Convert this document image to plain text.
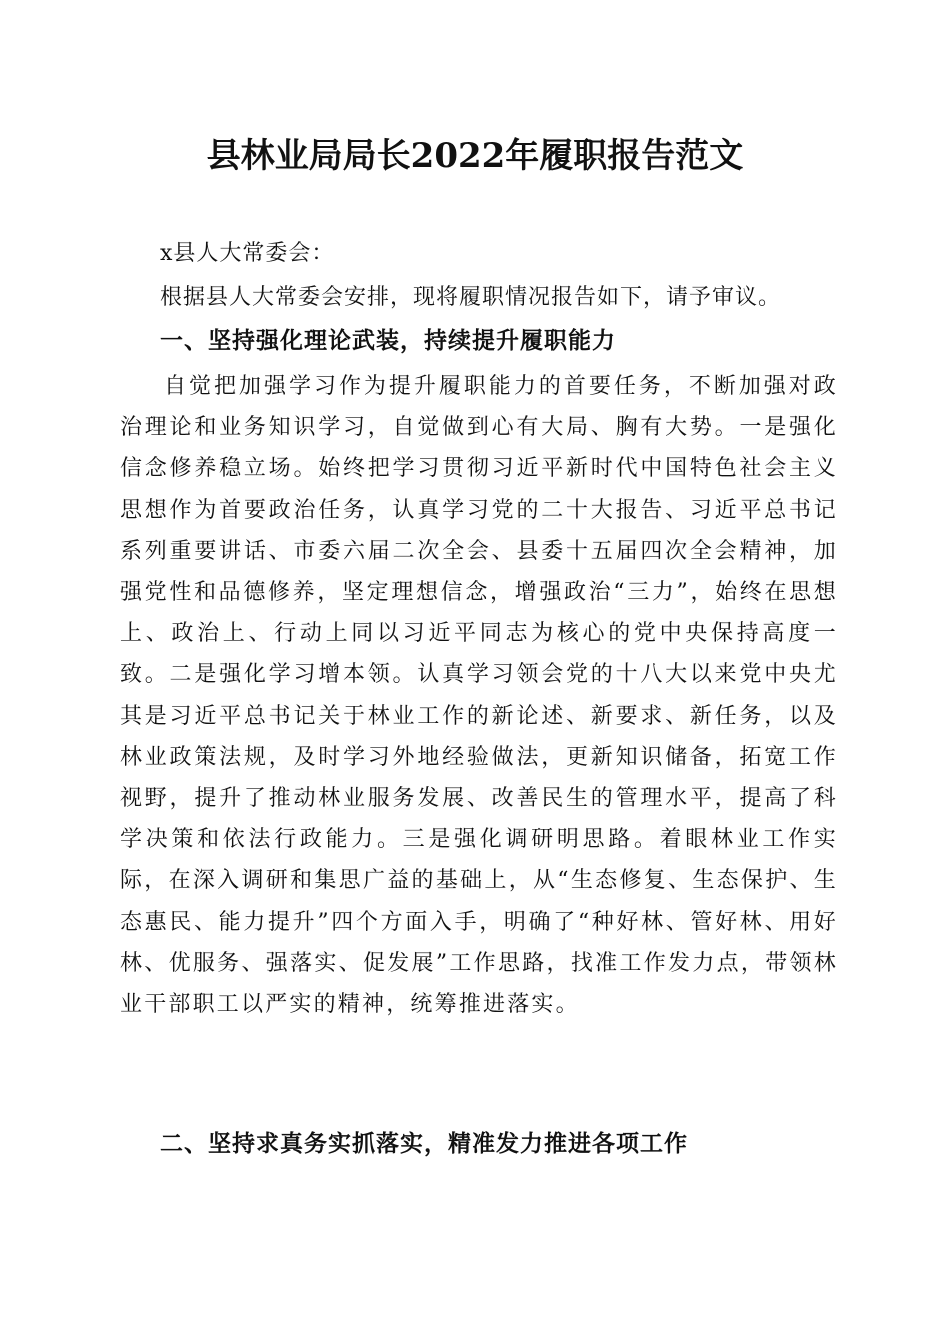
县林业局局长2022年履职报告范文

x县人大常委会：

根据县人大常委会安排，现将履职情况报告如下，请予审议。

一、坚持强化理论武装，持续提升履职能力

自觉把加强学习作为提升履职能力的首要任务，不断加强对政治理论和业务知识学习，自觉做到心有大局、胸有大势。一是强化信念修养稳立场。始终把学习贯彻习近平新时代中国特色社会主义思想作为首要政治任务，认真学习党的二十大报告、习近平总书记系列重要讲话、市委六届二次全会、县委十五届四次全会精神，加强党性和品德修养，坚定理想信念，增强政治“三力”，始终在思想上、政治上、行动上同以习近平同志为核心的党中央保持高度一致。二是强化学习增本领。认真学习领会党的十八大以来党中央尤其是习近平总书记关于林业工作的新论述、新要求、新任务，以及林业政策法规，及时学习外地经验做法，更新知识储备，拓宽工作视野，提升了推动林业服务发展、改善民生的管理水平，提高了科学决策和依法行政能力。三是强化调研明思路。着眼林业工作实际，在深入调研和集思广益的基础上，从“生态修复、生态保护、生态惠民、能力提升”四个方面入手，明确了“种好林、管好林、用好林、优服务、强落实、促发展”工作思路，找准工作发力点，带领林业干部职工以严实的精神，统筹推进落实。

二、坚持求真务实抓落实，精准发力推进各项工作
